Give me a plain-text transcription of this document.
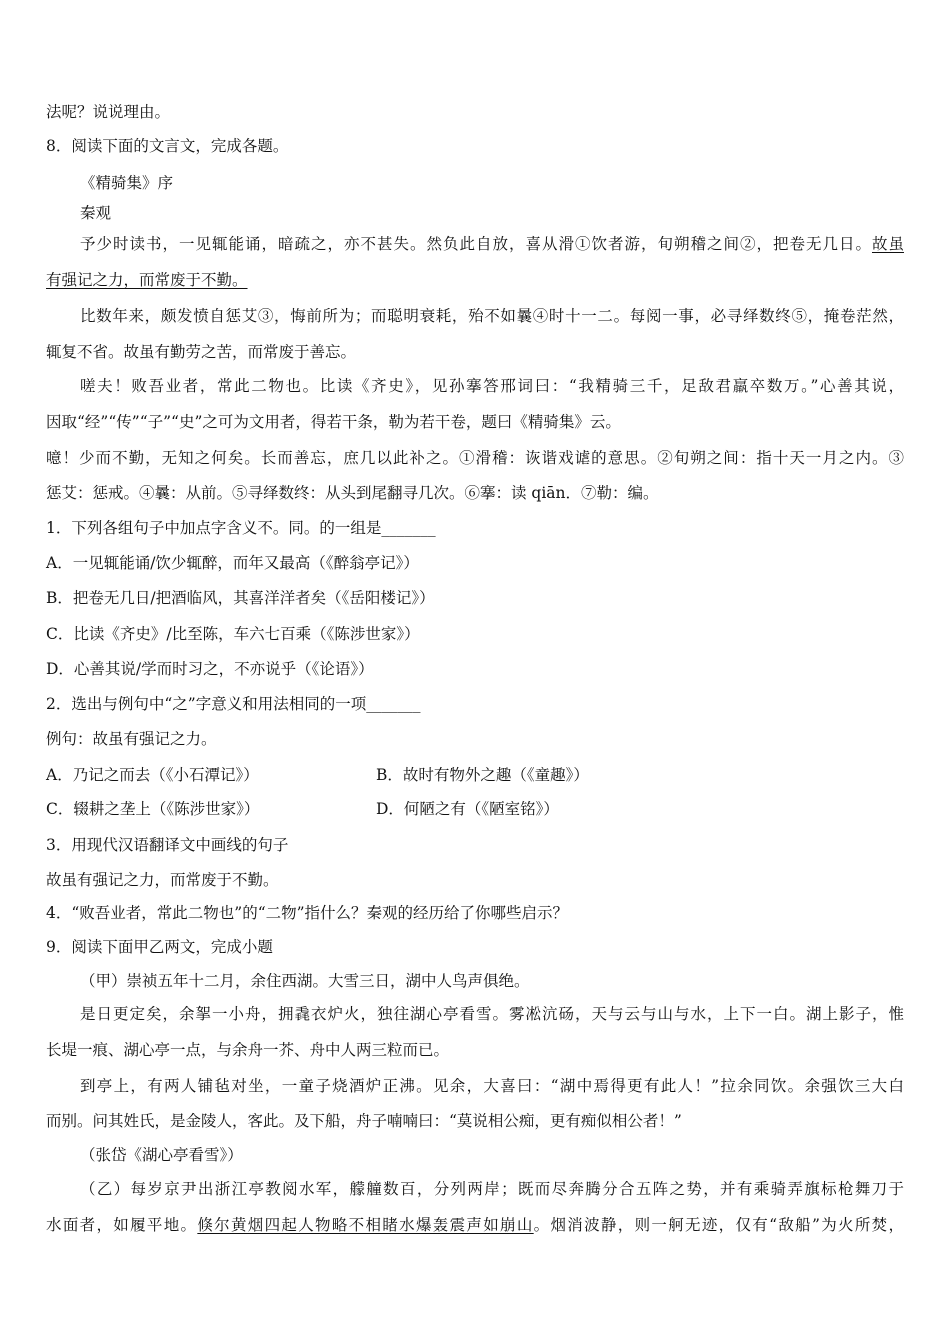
法呢？说说理由。
8．阅读下面的文言文，完成各题。
《精骑集》序
秦观
予少时读书，一见辄能诵，暗疏之，亦不甚失。然负此自放，喜从滑①饮者游，旬朔稽之间②，把卷无几日。故虽
有强记之力，而常废于不勤。
比数年来，颇发愤自惩艾③，悔前所为；而聪明衰耗，殆不如曩④时十一二。每阅一事，必寻绎数终⑤，掩卷茫然，
辄复不省。故虽有勤劳之苦，而常废于善忘。
嗟夫！败吾业者，常此二物也。比读《齐史》，见孙搴答邢词曰：“我精骑三千，足敌君羸卒数万。”心善其说，
因取“经”“传”“子”“史”之可为文用者，得若干条，勒为若干卷，题曰《精骑集》云。
噫！少而不勤，无知之何矣。长而善忘，庶几以此补之。①滑稽：诙谐戏谑的意思。②旬朔之间：指十天一月之内。③
惩艾：惩戒。④曩：从前。⑤寻绎数终：从头到尾翻寻几次。⑥搴：读 qiān．⑦勒：编。
1．下列各组句子中加点字含义不。同。的一组是_______
A．一见辄能诵/饮少辄醉，而年又最高（《醉翁亭记》）
B．把卷无几日/把酒临风，其喜洋洋者矣（《岳阳楼记》）
C．比读《齐史》/比至陈，车六七百乘（《陈涉世家》）
D．心善其说/学而时习之，不亦说乎（《论语》）
2．选出与例句中“之”字意义和用法相同的一项_______
例句：故虽有强记之力。
A．乃记之而去（《小石潭记》）	B．故时有物外之趣（《童趣》）
C．辍耕之垄上（《陈涉世家》）	D．何陋之有（《陋室铭》）
3．用现代汉语翻译文中画线的句子
故虽有强记之力，而常废于不勤。
4．“败吾业者，常此二物也”的“二物”指什么？秦观的经历给了你哪些启示？
9．阅读下面甲乙两文，完成小题
（甲）崇祯五年十二月，余住西湖。大雪三日，湖中人鸟声俱绝。
是日更定矣，余挐一小舟，拥毳衣炉火，独往湖心亭看雪。雾凇沆砀，天与云与山与水，上下一白。湖上影子，惟
长堤一痕、湖心亭一点，与余舟一芥、舟中人两三粒而已。
到亭上，有两人铺毡对坐，一童子烧酒炉正沸。见余，大喜曰：“湖中焉得更有此人！”拉余同饮。余强饮三大白
而别。问其姓氏，是金陵人，客此。及下船，舟子喃喃曰：“莫说相公痴，更有痴似相公者！”
（张岱《湖心亭看雪》）
（乙）每岁京尹出浙江亭教阅水军，艨艟数百，分列两岸；既而尽奔腾分合五阵之势，并有乘骑弄旗标枪舞刀于
水面者，如履平地。倏尔黄烟四起人物略不相睹水爆轰震声如崩山。烟消波静，则一舸无迹，仅有“敌船”为火所焚，
